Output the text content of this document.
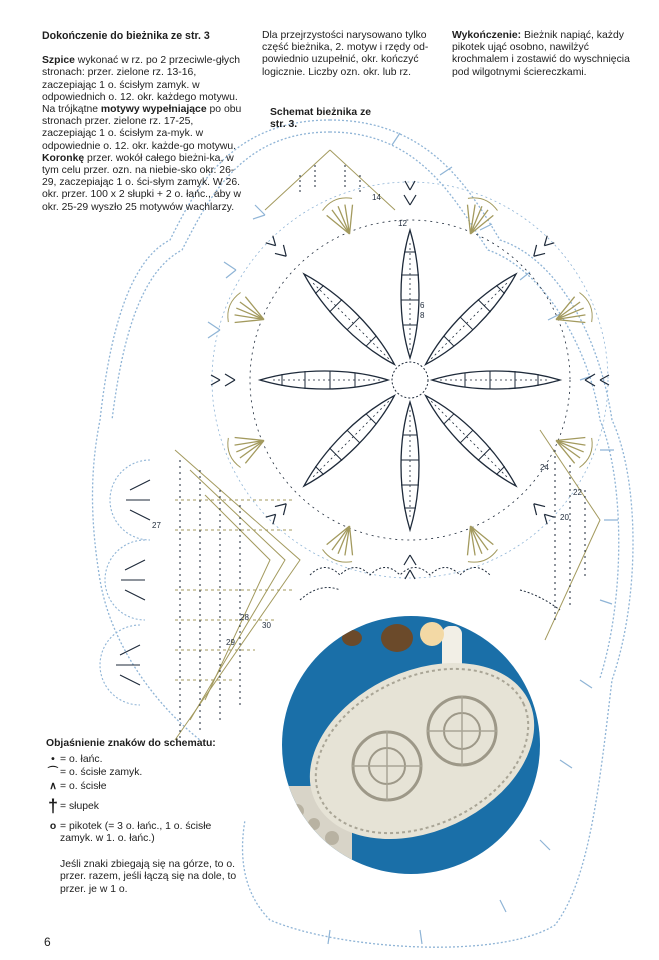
6
8
12
14
20
22
24
27
28
29
30

Dokończenie do bieżnika ze str. 3

Szpice wykonać w rz. po 2 przeciwle-głych stronach: przer. zielone rz. 13-16, zaczepiając 1 o. ścisłym zamyk. w odpowiednich o. 12. okr. każdego motywu.

Na trójkątne motywy wypełniające po obu stronach przer. zielone rz. 17-25, zaczepiając 1 o. ścisłym za-myk. w odpowiednie o. 12. okr. każde-go motywu.

Koronkę przer. wokół całego bieżni-ka, w tym celu przer. ozn. na niebie-sko okr. 26-29, zaczepiając 1 o. ści-słym zamyk. W 26. okr. przer. 100 x 2 słupki + 2 o. łańc., aby w okr. 25-29 wyszło 25 motywów wachlarzy.

Dla przejrzystości narysowano tylko część bieżnika, 2. motyw i rzędy od-powiednio uzupełnić, okr. kończyć logicznie. Liczby ozn. okr. lub rz.

Wykończenie: Bieżnik napiąć, każdy pikotek ująć osobno, nawilżyć krochmalem i zostawić do wyschnięcia pod wilgotnymi ściereczkami.

Schemat bieżnika ze str. 3.
Objaśnienie znaków do schematu:
• = o. łańc.
⌒ = o. ścisłe zamyk.
∧ = o. ścisłe
† = słupek
o = pikotek (= 3 o. łańc., 1 o. ścisłe zamyk. w 1. o. łańc.)
Jeśli znaki zbiegają się na górze, to o. przer. razem, jeśli łączą się na dole, to przer. je w 1 o.
6
